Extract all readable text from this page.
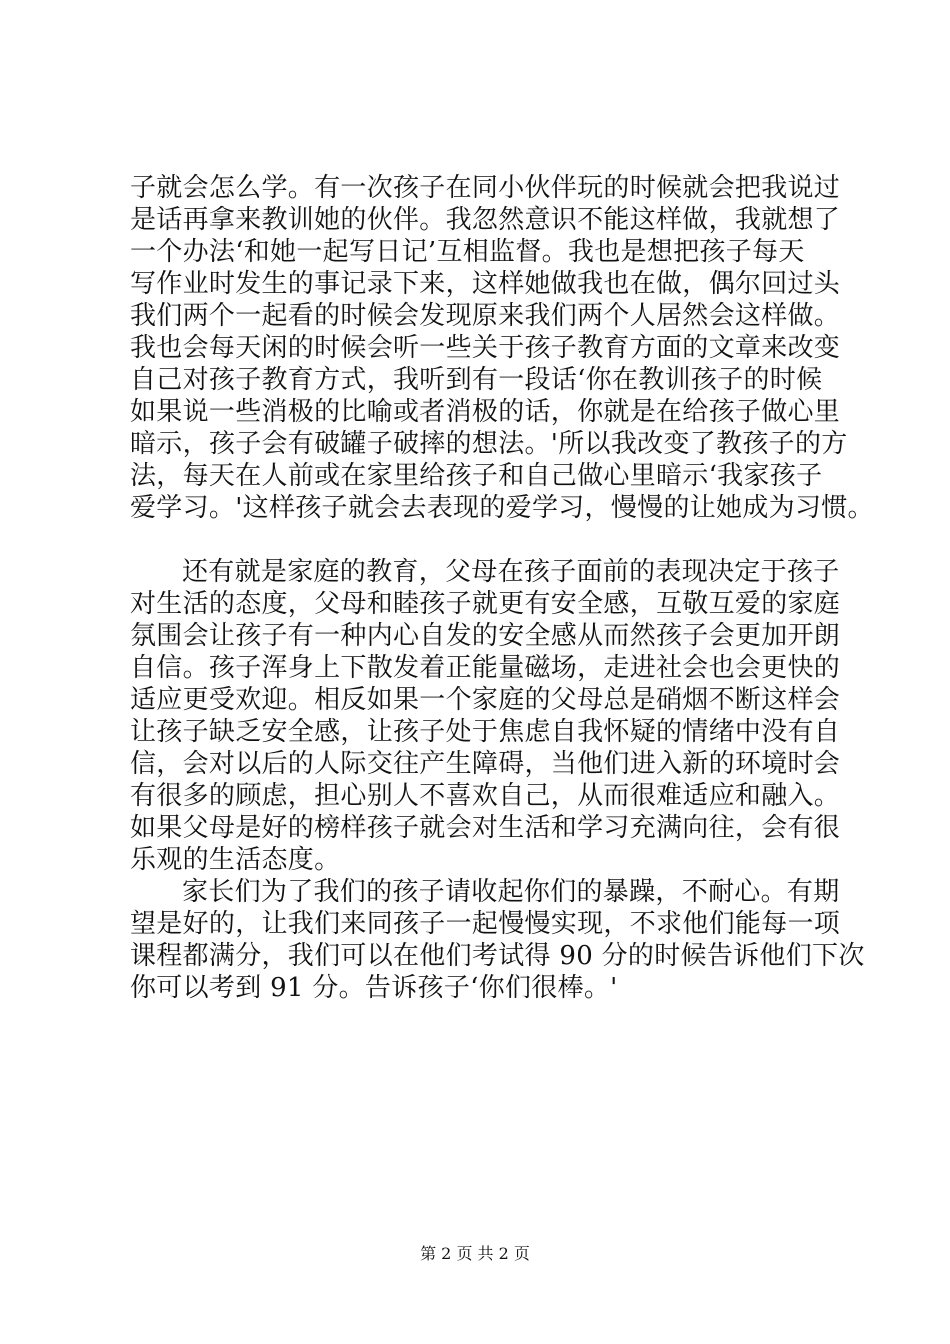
子就会怎么学。有一次孩子在同小伙伴玩的时候就会把我说过
是话再拿来教训她的伙伴。我忽然意识不能这样做，我就想了
一个办法‘和她一起写日记’互相监督。我也是想把孩子每天
写作业时发生的事记录下来，这样她做我也在做，偶尔回过头
我们两个一起看的时候会发现原来我们两个人居然会这样做。
我也会每天闲的时候会听一些关于孩子教育方面的文章来改变
自己对孩子教育方式，我听到有一段话‘你在教训孩子的时候
如果说一些消极的比喻或者消极的话，你就是在给孩子做心里
暗示，孩子会有破罐子破摔的想法。'所以我改变了教孩子的方
法，每天在人前或在家里给孩子和自己做心里暗示‘我家孩子
爱学习。'这样孩子就会去表现的爱学习，慢慢的让她成为习惯。
还有就是家庭的教育，父母在孩子面前的表现决定于孩子
对生活的态度，父母和睦孩子就更有安全感，互敬互爱的家庭
氛围会让孩子有一种内心自发的安全感从而然孩子会更加开朗
自信。孩子浑身上下散发着正能量磁场，走进社会也会更快的
适应更受欢迎。相反如果一个家庭的父母总是硝烟不断这样会
让孩子缺乏安全感，让孩子处于焦虑自我怀疑的情绪中没有自
信，会对以后的人际交往产生障碍，当他们进入新的环境时会
有很多的顾虑，担心别人不喜欢自己，从而很难适应和融入。
如果父母是好的榜样孩子就会对生活和学习充满向往，会有很
乐观的生活态度。
家长们为了我们的孩子请收起你们的暴躁，不耐心。有期
望是好的，让我们来同孩子一起慢慢实现，不求他们能每一项
课程都满分，我们可以在他们考试得 90 分的时候告诉他们下次
你可以考到 91 分。告诉孩子‘你们很棒。'
第 2 页 共 2 页
